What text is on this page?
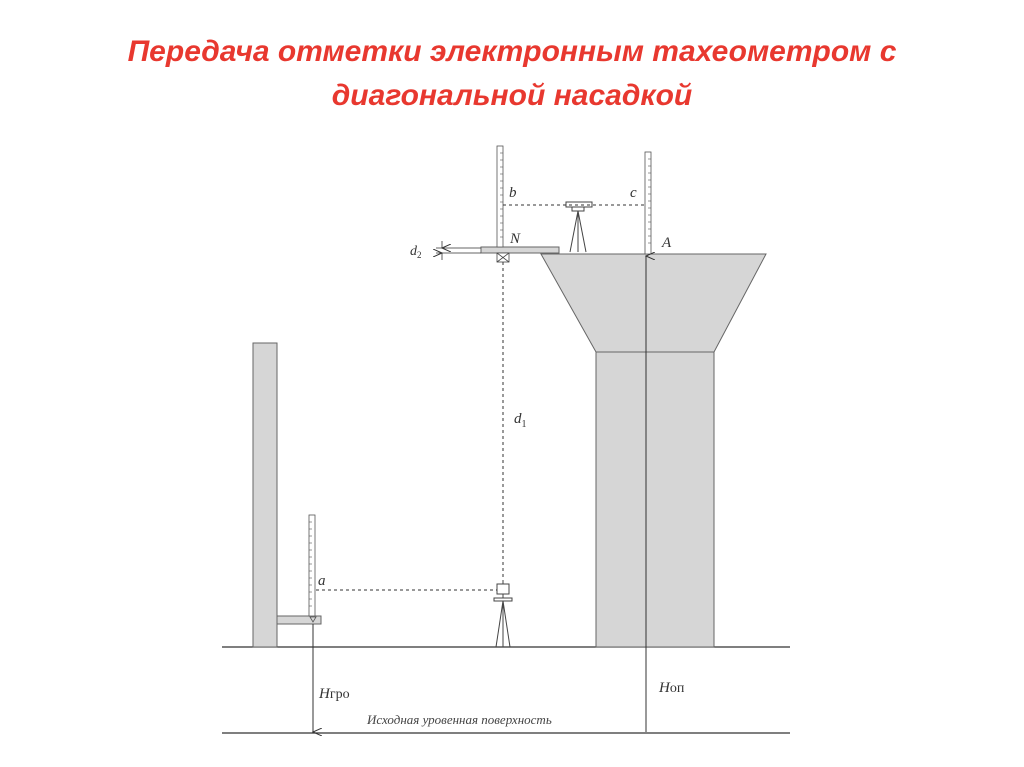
Передача отметки электронным тахеометром с
диагональной насадкой
b	c
N	A
$d_2$
$d_1$
a
Hгро	Hоп
Исходная уровенная поверхность
